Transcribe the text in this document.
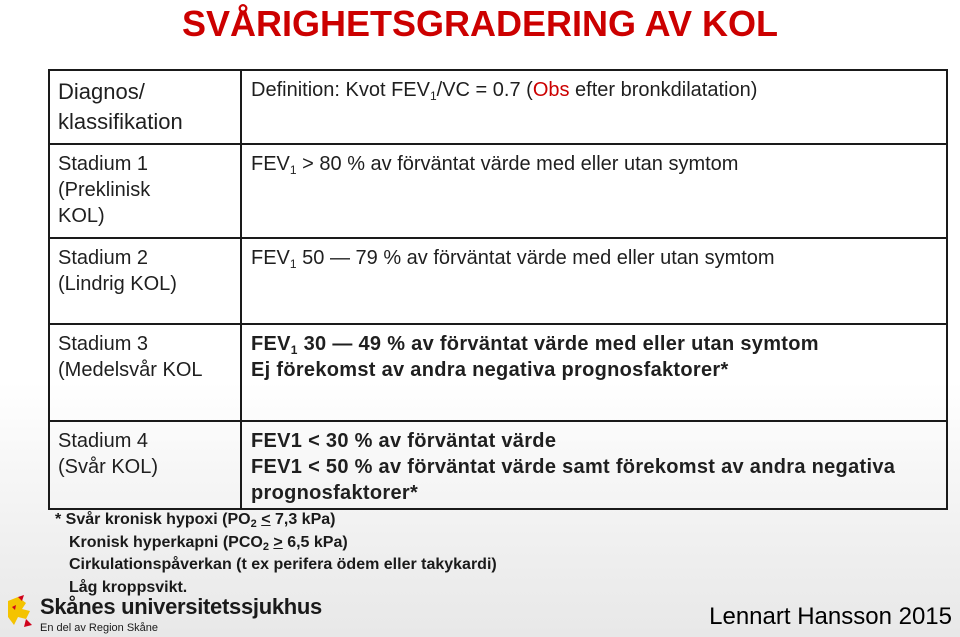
SVÅRIGHETSGRADERING AV KOL
Diagnos/
klassifikation	Definition: Kvot $FEV_1/VC = 0.7$ (Obs efter bronkdilatation)

Stadium 1
(Preklinisk
KOL)	$FEV_1 > 80$ % av förväntat värde med eller utan symtom

Stadium 2
(Lindrig KOL)	$FEV_1$ 50 — 79 % av förväntat värde med eller utan symtom

Stadium 3
(Medelsvår KOL	$FEV_1$ 30 — 49 % av förväntat värde med eller utan symtom
Ej förekomst av andra negativa prognosfaktorer*

Stadium 4
(Svår KOL)	FEV1 < 30 % av förväntat värde
FEV1 < 50 % av förväntat värde samt förekomst av andra negativa
prognosfaktorer*
* Svår kronisk hypoxi ($PO_2 < 7,3$ kPa)
Kronisk hyperkapni ($PCO_2 > 6,5$ kPa)
Cirkulationspåverkan (t ex perifera ödem eller takykardi)
Låg kroppsvikt.
Skånes universitetssjukhus
En del av Region Skåne	Lennart Hansson 2015
